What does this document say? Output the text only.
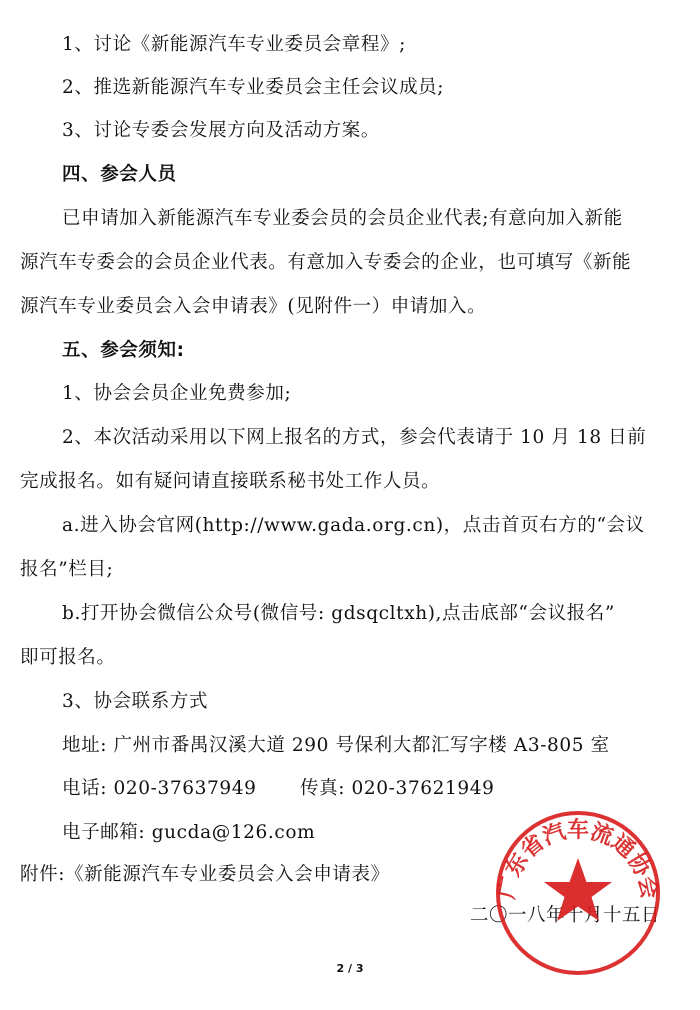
1、讨论《新能源汽车专业委员会章程》;
2、推选新能源汽车专业委员会主任会议成员;
3、讨论专委会发展方向及活动方案。
四、参会人员
已申请加入新能源汽车专业委会员的会员企业代表;有意向加入新能
源汽车专委会的会员企业代表。有意加入专委会的企业，也可填写《新能
源汽车专业委员会入会申请表》(见附件一）申请加入。
五、参会须知:
1、协会会员企业免费参加;
2、本次活动采用以下网上报名的方式，参会代表请于 10 月 18 日前
完成报名。如有疑问请直接联系秘书处工作人员。
a.进入协会官网(http://www.gada.org.cn)，点击首页右方的“会议
报名”栏目;
b.打开协会微信公众号(微信号: gdsqcltxh),点击底部“会议报名”
即可报名。
3、协会联系方式
地址: 广州市番禺汉溪大道 290 号保利大都汇写字楼 A3-805 室
电话: 020-37637949 传真: 020-37621949
电子邮箱: gucda@126.com
附件:《新能源汽车专业委员会入会申请表》
二〇一八年十月十五日
广东省汽车流通协会
2 / 3
